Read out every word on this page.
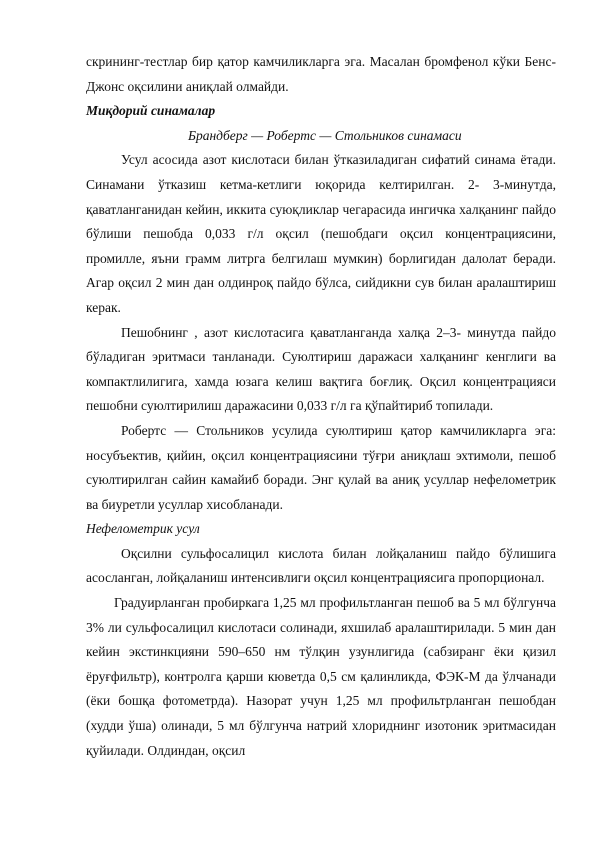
скрининг-тестлар бир қатор камчиликларга эга. Масалан бромфенол кўки Бенс-Джонс оқсилини аниқлай олмайди.

Миқдорий синамалар

Брандберг — Робертс — Стольников синамаси

Усул асосида азот кислотаси билан ўтказиладиган сифатий синама ётади. Синамани ўтказиш кетма-кетлиги юқорида келтирилган. 2- 3-минутда, қаватланганидан кейин, иккита суюқликлар чегарасида ингичка халқанинг пайдо бўлиши пешобда 0,033 г/л оқсил (пешобдаги оқсил концентрациясини, промилле, яъни грамм литрга белгилаш мумкин) борлигидан далолат беради. Агар оқсил 2 мин дан олдинроқ пайдо бўлса, сийдикни сув билан аралаштириш керак.

Пешобнинг , азот кислотасига қаватланганда халқа 2–3- минутда пайдо бўладиган эритмаси танланади. Суюлтириш даражаси халқанинг кенглиги ва компактлилигига, хамда юзага келиш вақтига боғлиқ. Оқсил концентрацияси пешобни суюлтирилиш даражасини 0,033 г/л га қўпайтириб топилади.

Робертс — Стольников усулида суюлтириш қатор камчиликларга эга: носубъектив, қийин, оқсил концентрациясини тўғри аниқлаш эхтимоли, пешоб суюлтирилган сайин камайиб боради. Энг қулай ва аниқ усуллар нефелометрик ва биуретли усуллар хисобланади.

Нефелометрик усул

Оқсилни сульфосалицил кислота билан лойқаланиш пайдо бўлишига асосланган, лойқаланиш интенсивлиги оқсил концентрациясига пропорционал.

Градуирланган пробиркага 1,25 мл профильтланган пешоб ва 5 мл бўлгунча 3% ли сульфосалицил кислотаси солинади, яхшилаб аралаштирилади. 5 мин дан кейин экстинкцияни 590–650 нм тўлқин узунлигида (сабзиранг ёки қизил ёруғфильтр), контролга қарши кюветда 0,5 см қалинликда, ФЭК-М да ўлчанади (ёки бошқа фотометрда). Назорат учун 1,25 мл профильтрланган пешобдан (худди ўша) олинади, 5 мл бўлгунча натрий хлориднинг изотоник эритмасидан қуйилади. Олдиндан, оқсил
